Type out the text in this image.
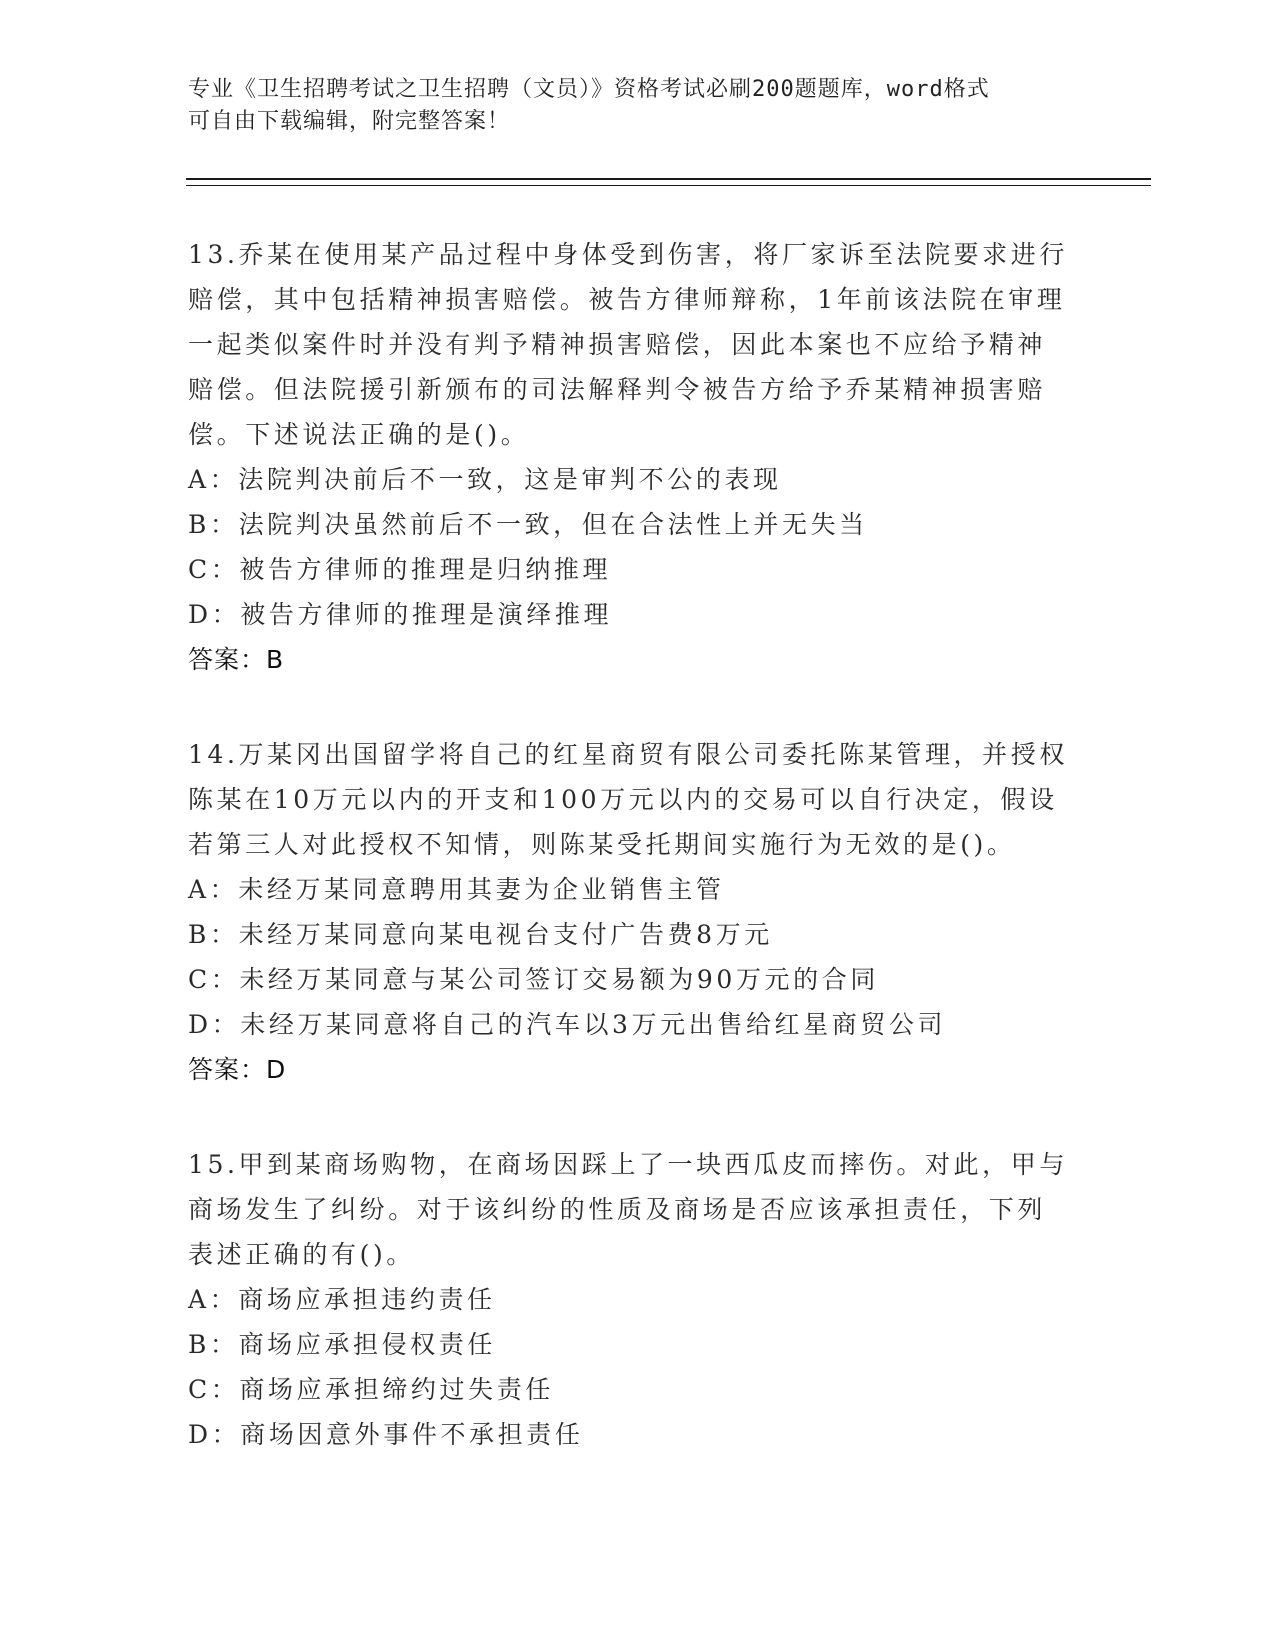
专业《卫生招聘考试之卫生招聘（文员）》资格考试必刷200题题库，word格式
可自由下载编辑，附完整答案！
13.乔某在使用某产品过程中身体受到伤害，将厂家诉至法院要求进行
赔偿，其中包括精神损害赔偿。被告方律师辩称，1年前该法院在审理
一起类似案件时并没有判予精神损害赔偿，因此本案也不应给予精神
赔偿。但法院援引新颁布的司法解释判令被告方给予乔某精神损害赔
偿。下述说法正确的是()。
A：法院判决前后不一致，这是审判不公的表现
B：法院判决虽然前后不一致，但在合法性上并无失当
C：被告方律师的推理是归纳推理
D：被告方律师的推理是演绎推理
答案：B
14.万某冈出国留学将自己的红星商贸有限公司委托陈某管理，并授权
陈某在10万元以内的开支和100万元以内的交易可以自行决定，假设
若第三人对此授权不知情，则陈某受托期间实施行为无效的是()。
A：未经万某同意聘用其妻为企业销售主管
B：未经万某同意向某电视台支付广告费8万元
C：未经万某同意与某公司签订交易额为90万元的合同
D：未经万某同意将自己的汽车以3万元出售给红星商贸公司
答案：D
15.甲到某商场购物，在商场因踩上了一块西瓜皮而摔伤。对此，甲与
商场发生了纠纷。对于该纠纷的性质及商场是否应该承担责任，下列
表述正确的有()。
A：商场应承担违约责任
B：商场应承担侵权责任
C：商场应承担缔约过失责任
D：商场因意外事件不承担责任
